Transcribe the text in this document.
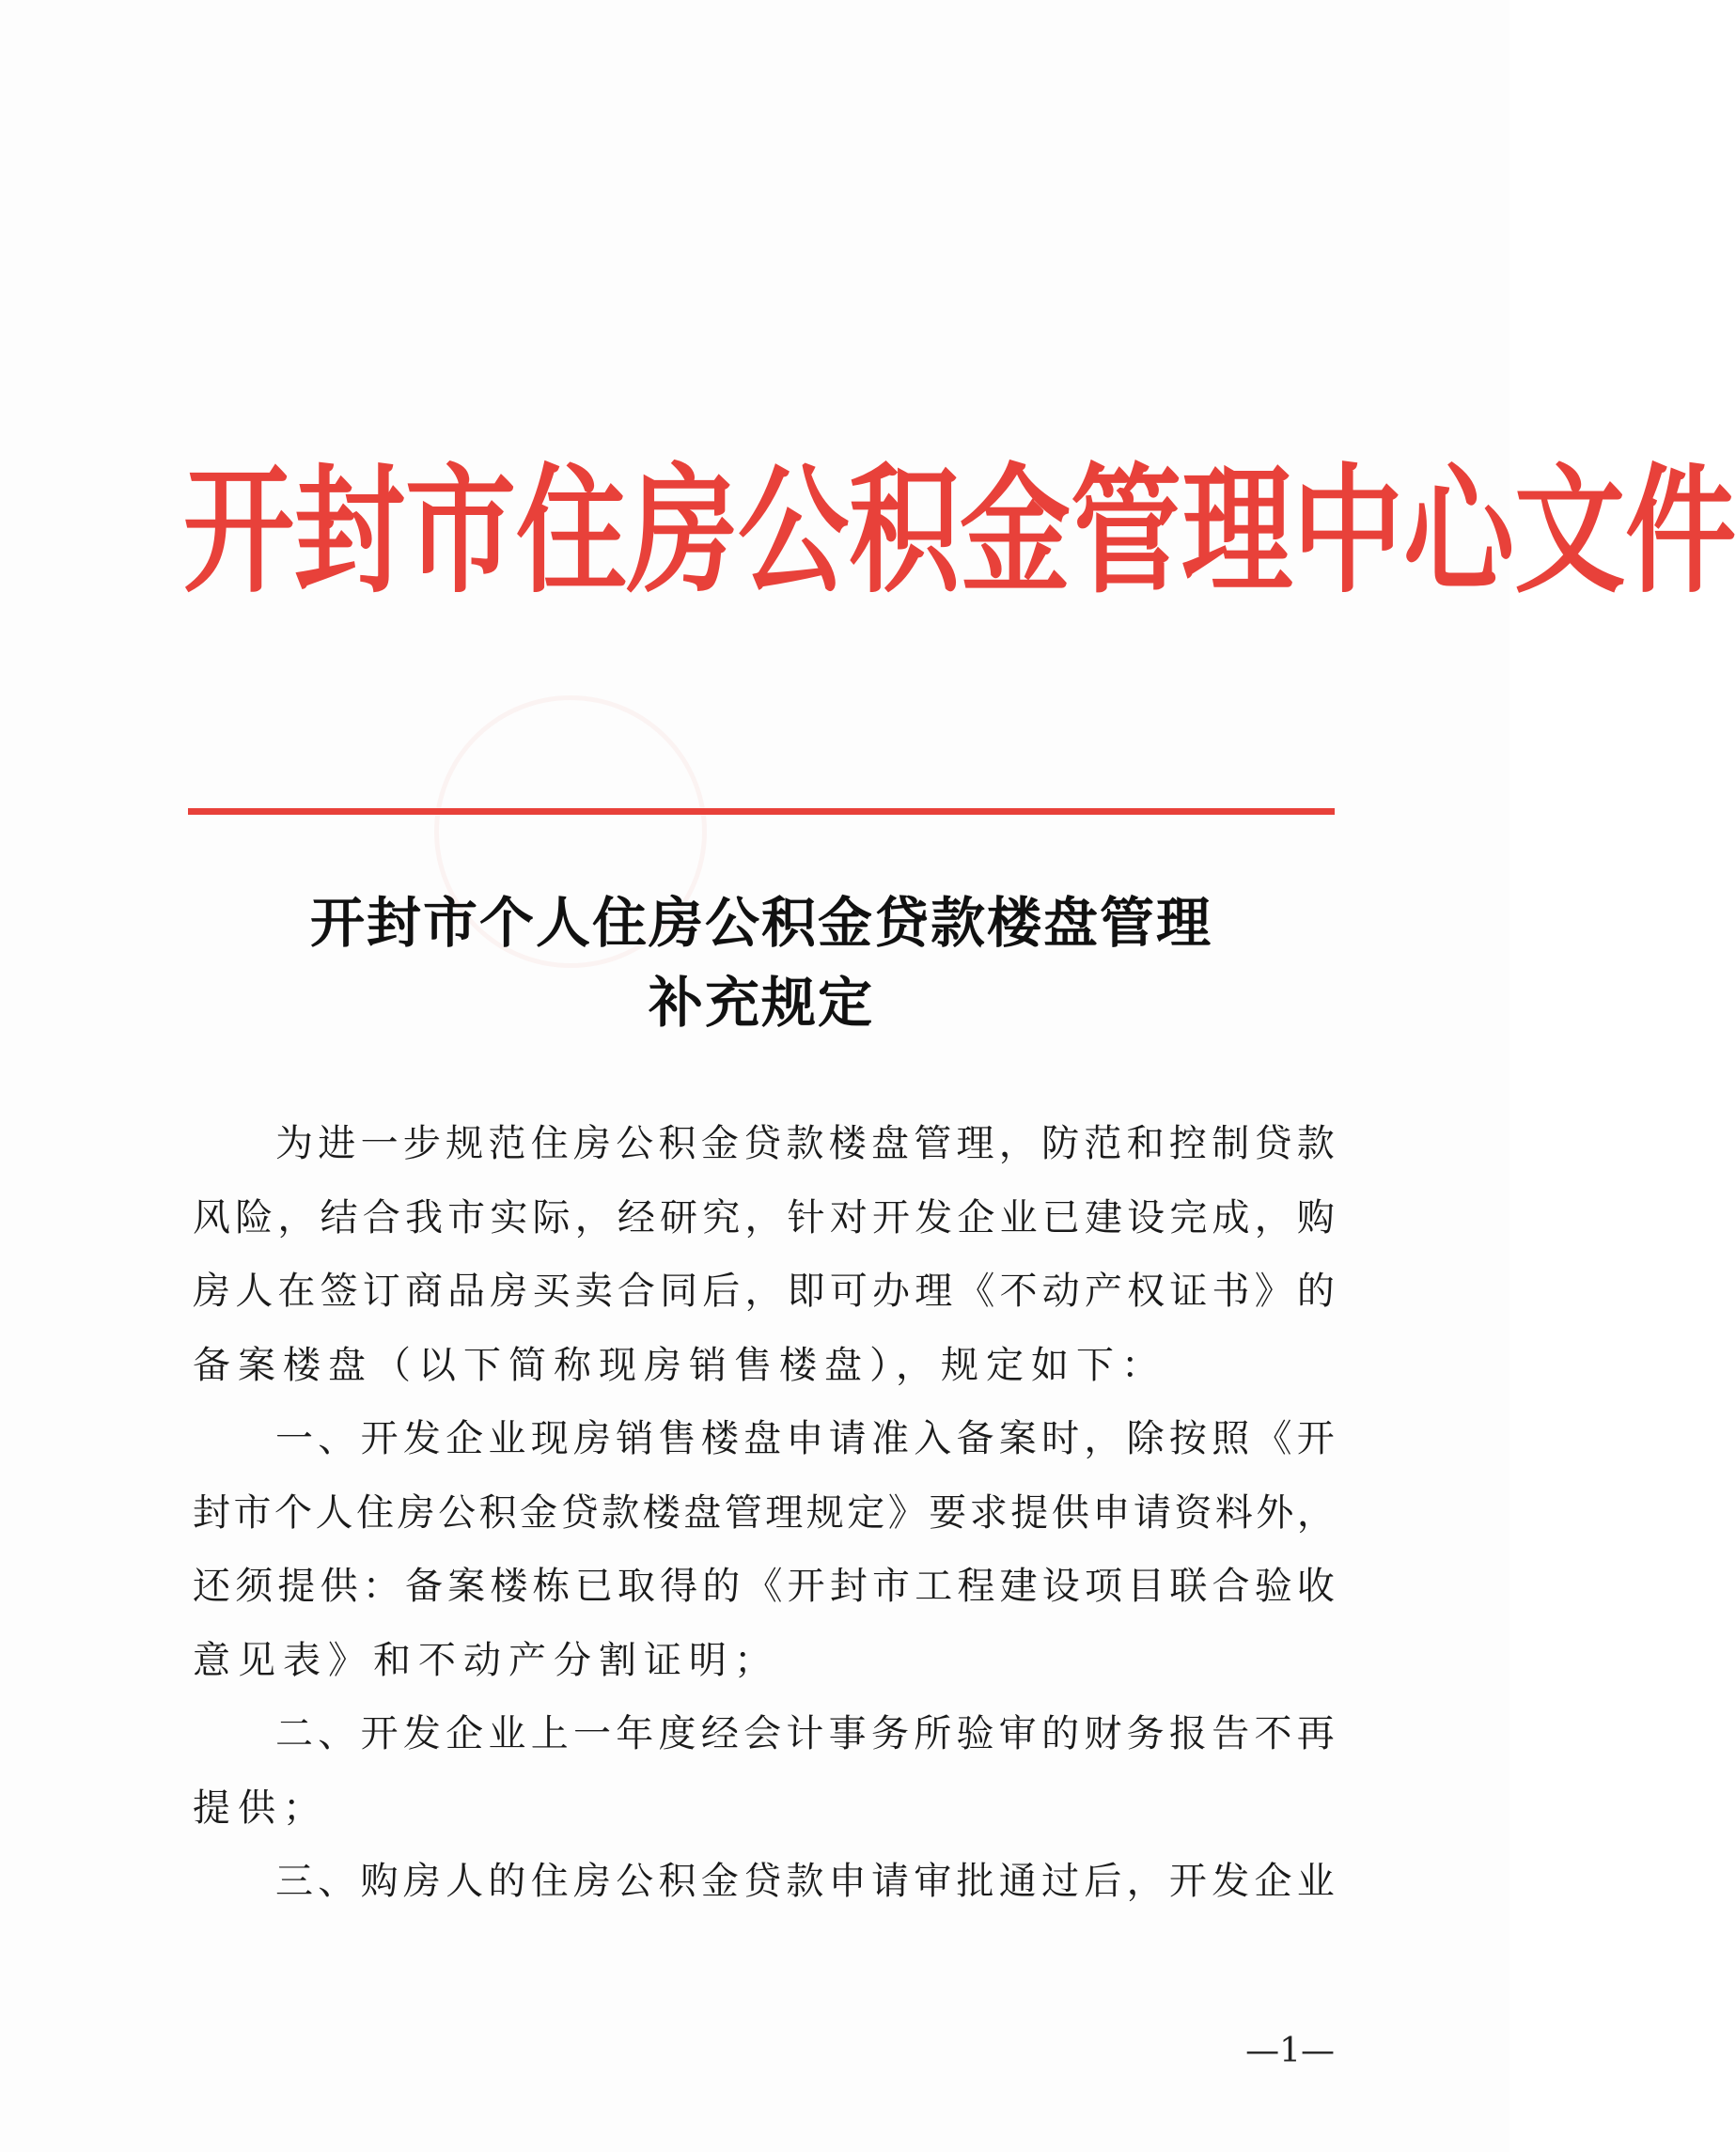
开 封 市 住 房 公 积 金 管 理 中 心 文 件
开封市个人住房公积金贷款楼盘管理
补充规定
为 进 一 步 规 范 住 房 公 积 金 贷 款 楼 盘 管 理 ， 防 范 和 控 制 贷 款
风 险 ， 结 合 我 市 实 际 ， 经 研 究 ， 针 对 开 发 企 业 已 建 设 完 成 ， 购
房 人 在 签 订 商 品 房 买 卖 合 同 后 ， 即 可 办 理 《 不 动 产 权 证 书 》 的
备案楼盘（以下简称现房销售楼盘），规定如下：
一 、 开 发 企 业 现 房 销 售 楼 盘 申 请 准 入 备 案 时 ， 除 按 照 《 开
封 市 个 人 住 房 公 积 金 贷 款 楼 盘 管 理 规 定 》 要 求 提 供 申 请 资 料 外 ，
还 须 提 供 ： 备 案 楼 栋 已 取 得 的 《 开 封 市 工 程 建 设 项 目 联 合 验 收
意见表》和不动产分割证明；
二 、 开 发 企 业 上 一 年 度 经 会 计 事 务 所 验 审 的 财 务 报 告 不 再
提供；
三 、 购 房 人 的 住 房 公 积 金 贷 款 申 请 审 批 通 过 后 ， 开 发 企 业
—1—
